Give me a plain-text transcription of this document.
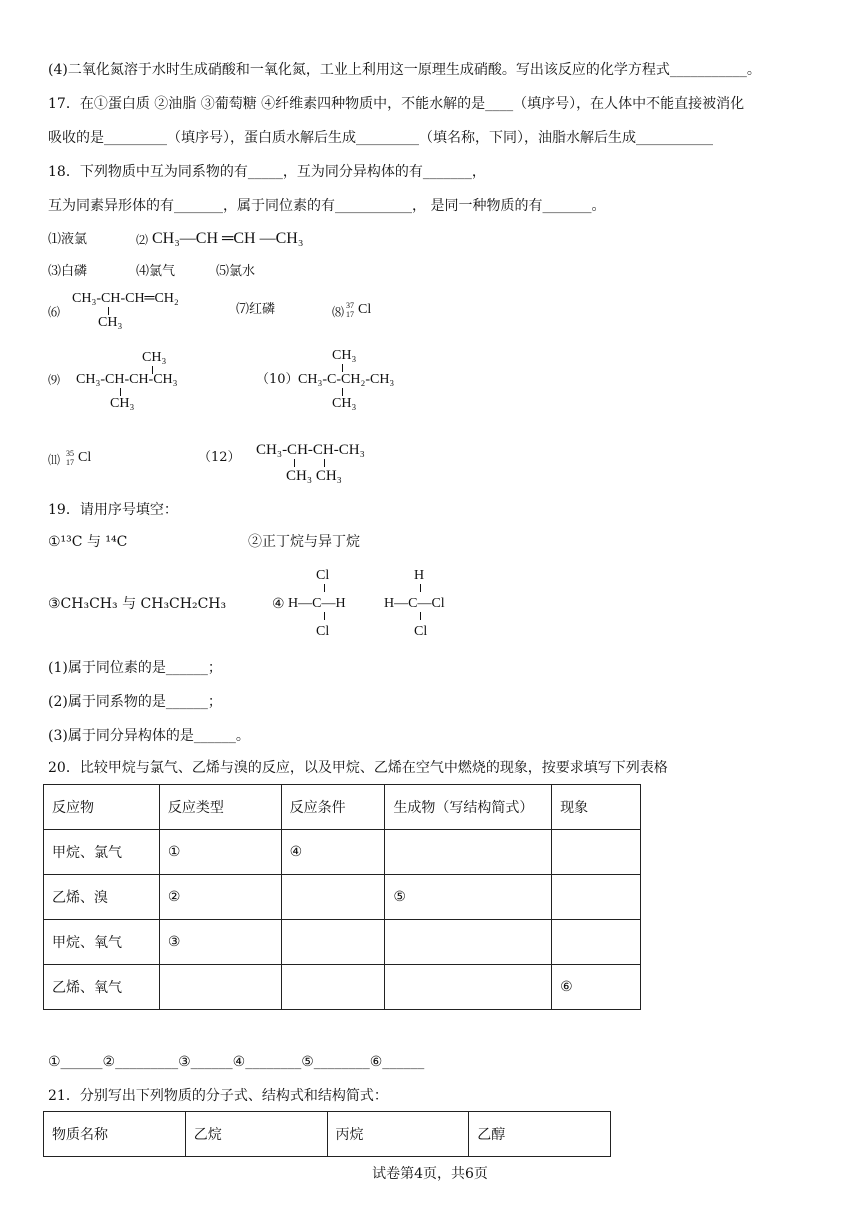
(4)二氧化氮溶于水时生成硝酸和一氧化氮，工业上利用这一原理生成硝酸。写出该反应的化学方程式___________。
17．在①蛋白质 ②油脂 ③葡萄糖 ④纤维素四种物质中，不能水解的是____（填序号），在人体中不能直接被消化
吸收的是_________（填序号），蛋白质水解后生成_________（填名称，下同），油脂水解后生成___________
18．下列物质中互为同系物的有_____，互为同分异构体的有_______，
互为同素异形体的有_______，属于同位素的有___________， 是同一种物质的有_______。
⑴液氯	⑵ CH₃—CH ═CH —CH₃
⑶白磷	⑷氯气	⑸氯水
⑹
CH₃-CH-CH═CH₂
CH₃
⑺红磷	⑻ 37
17 Cl
⑼
CH₃
CH₃-CH-CH-CH₃
CH₃
（10）
CH₃
CH₃-C-CH₂-CH₃
CH₃
⑾ 35
17 Cl	（12） CH₃-CH-CH-CH₃
CH₃ CH₃
19．请用序号填空：
①¹³C 与 ¹⁴C	②正丁烷与异丁烷
③CH₃CH₃ 与 CH₃CH₂CH₃	④
Cl
H—C—H
Cl
H
H—C—Cl
Cl
(1)属于同位素的是______；
(2)属于同系物的是______；
(3)属于同分异构体的是______。
20．比较甲烷与氯气、乙烯与溴的反应，以及甲烷、乙烯在空气中燃烧的现象，按要求填写下列表格
反应物	反应类型	反应条件	生成物（写结构简式）	现象
甲烷、氯气	①	④		
乙烯、溴	②		⑤	
甲烷、氧气	③			
乙烯、氧气				⑥
①______②_________③______④________⑤________⑥______
21．分别写出下列物质的分子式、结构式和结构简式：
物质名称	乙烷	丙烷	乙醇
试卷第4页，共6页
